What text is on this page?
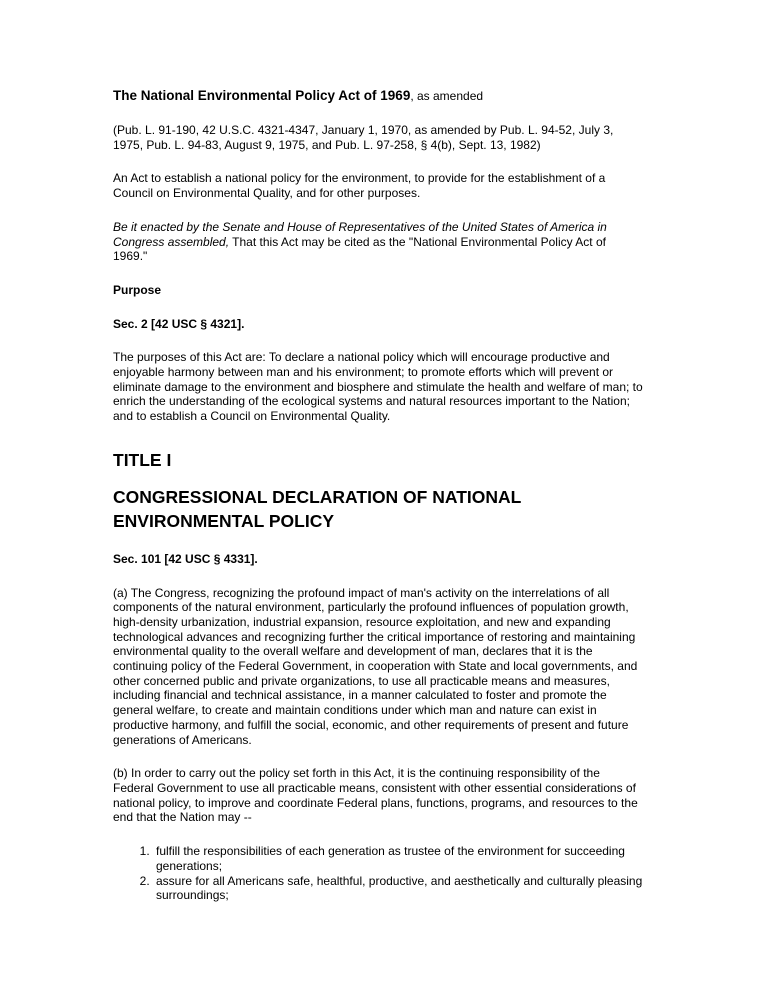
The National Environmental Policy Act of 1969, as amended

(Pub. L. 91-190, 42 U.S.C. 4321-4347, January 1, 1970, as amended by Pub. L. 94-52, July 3, 1975, Pub. L. 94-83, August 9, 1975, and Pub. L. 97-258, § 4(b), Sept. 13, 1982)

An Act to establish a national policy for the environment, to provide for the establishment of a Council on Environmental Quality, and for other purposes.

Be it enacted by the Senate and House of Representatives of the United States of America in Congress assembled, That this Act may be cited as the "National Environmental Policy Act of 1969."

Purpose

Sec. 2 [42 USC § 4321].

The purposes of this Act are: To declare a national policy which will encourage productive and enjoyable harmony between man and his environment; to promote efforts which will prevent or eliminate damage to the environment and biosphere and stimulate the health and welfare of man; to enrich the understanding of the ecological systems and natural resources important to the Nation; and to establish a Council on Environmental Quality.

TITLE I
CONGRESSIONAL DECLARATION OF NATIONAL ENVIRONMENTAL POLICY

Sec. 101 [42 USC § 4331].

(a) The Congress, recognizing the profound impact of man's activity on the interrelations of all components of the natural environment, particularly the profound influences of population growth, high-density urbanization, industrial expansion, resource exploitation, and new and expanding technological advances and recognizing further the critical importance of restoring and maintaining environmental quality to the overall welfare and development of man, declares that it is the continuing policy of the Federal Government, in cooperation with State and local governments, and other concerned public and private organizations, to use all practicable means and measures, including financial and technical assistance, in a manner calculated to foster and promote the general welfare, to create and maintain conditions under which man and nature can exist in productive harmony, and fulfill the social, economic, and other requirements of present and future generations of Americans.

(b) In order to carry out the policy set forth in this Act, it is the continuing responsibility of the Federal Government to use all practicable means, consistent with other essential considerations of national policy, to improve and coordinate Federal plans, functions, programs, and resources to the end that the Nation may --

1. fulfill the responsibilities of each generation as trustee of the environment for succeeding generations;
2. assure for all Americans safe, healthful, productive, and aesthetically and culturally pleasing surroundings;
